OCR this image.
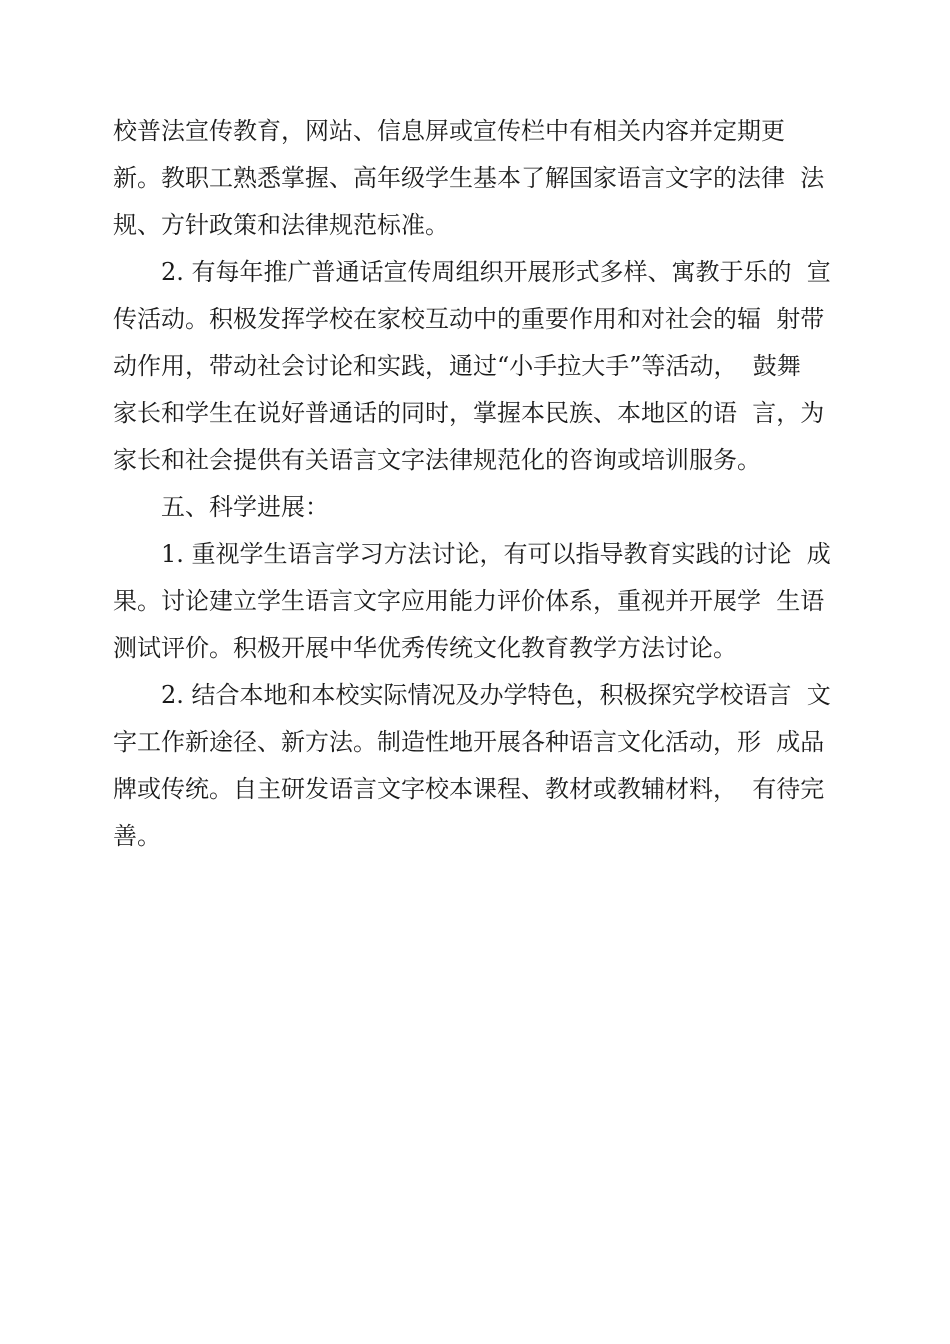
校普法宣传教育，网站、信息屏或宣传栏中有相关内容并定期更
新。教职工熟悉掌握、高年级学生基本了解国家语言文字的法律  法
规、方针政策和法律规范标准。
2. 有每年推广普通话宣传周组织开展形式多样、寓教于乐的  宣
传活动。积极发挥学校在家校互动中的重要作用和对社会的辐  射带
动作用，带动社会讨论和实践，通过“小手拉大手”等活动，  鼓舞
家长和学生在说好普通话的同时，掌握本民族、本地区的语  言，为
家长和社会提供有关语言文字法律规范化的咨询或培训服务。
五、科学进展：
1. 重视学生语言学习方法讨论，有可以指导教育实践的讨论  成
果。讨论建立学生语言文字应用能力评价体系，重视并开展学  生语
测试评价。积极开展中华优秀传统文化教育教学方法讨论。
2. 结合本地和本校实际情况及办学特色，积极探究学校语言  文
字工作新途径、新方法。制造性地开展各种语言文化活动，形  成品
牌或传统。自主研发语言文字校本课程、教材或教辅材料，  有待完
善。
